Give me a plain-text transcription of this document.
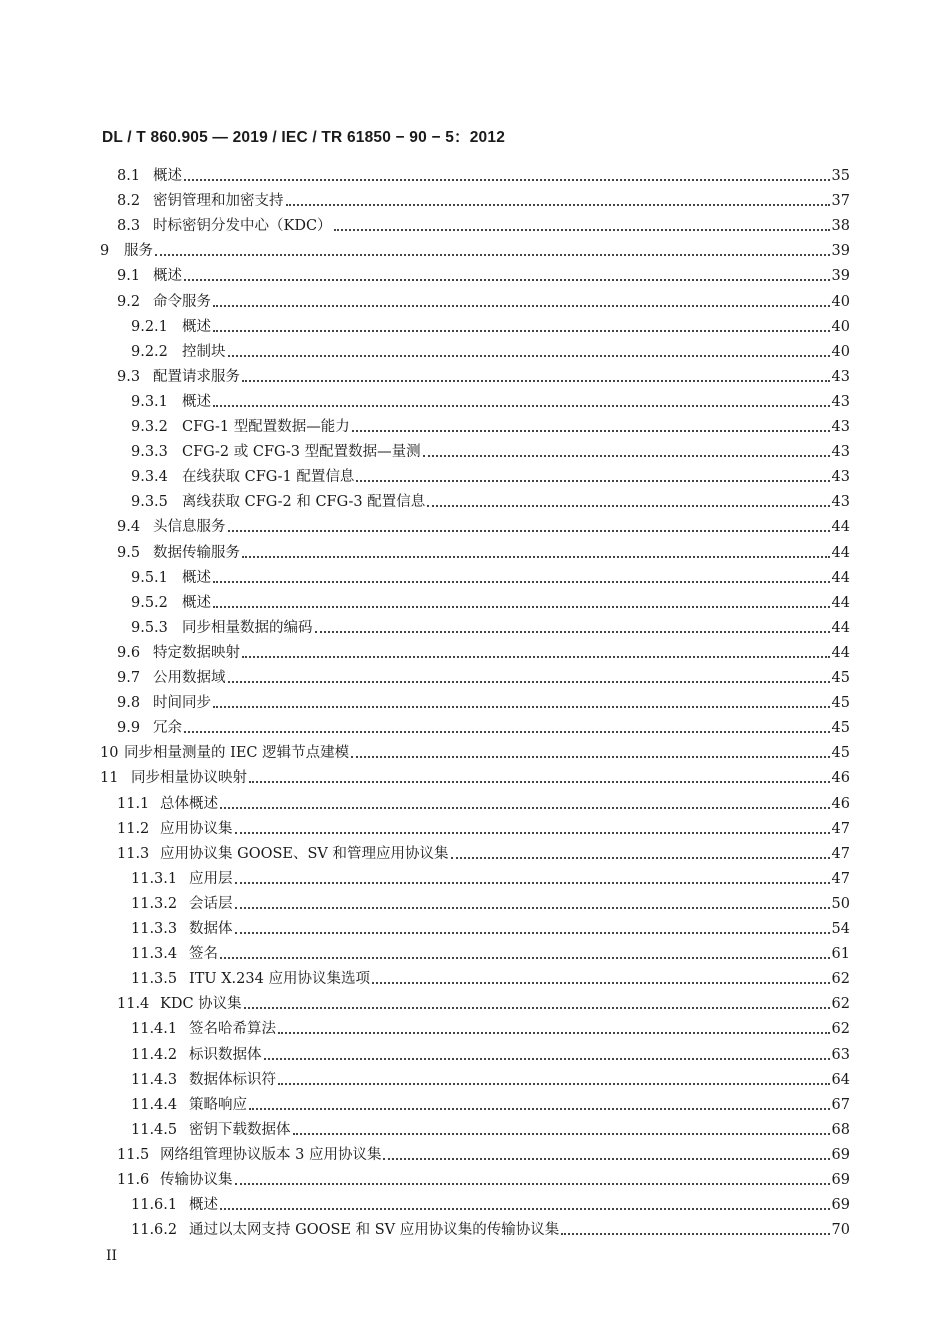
DL / T 860.905 — 2019 / IEC / TR 61850 − 90 − 5：2012
8.1 概述	35
8.2 密钥管理和加密支持	37
8.3 时标密钥分发中心（KDC）	38
9	服务	39
9.1 概述	39
9.2 命令服务	40
9.2.1 概述	40
9.2.2 控制块	40
9.3 配置请求服务	43
9.3.1 概述	43
9.3.2 CFG-1 型配置数据—能力	43
9.3.3 CFG-2 或 CFG-3 型配置数据—量测	43
9.3.4 在线获取 CFG-1 配置信息	43
9.3.5 离线获取 CFG-2 和 CFG-3 配置信息	43
9.4 头信息服务	44
9.5 数据传输服务	44
9.5.1 概述	44
9.5.2 概述	44
9.5.3 同步相量数据的编码	44
9.6 特定数据映射	44
9.7 公用数据域	45
9.8 时间同步	45
9.9 冗余	45
10 同步相量测量的 IEC 逻辑节点建模	45
11 同步相量协议映射	46
11.1 总体概述	46
11.2 应用协议集	47
11.3 应用协议集 GOOSE、SV 和管理应用协议集	47
11.3.1 应用层	47
11.3.2 会话层	50
11.3.3 数据体	54
11.3.4 签名	61
11.3.5 ITU X.234 应用协议集选项	62
11.4 KDC 协议集	62
11.4.1 签名哈希算法	62
11.4.2 标识数据体	63
11.4.3 数据体标识符	64
11.4.4 策略响应	67
11.4.5 密钥下载数据体	68
11.5 网络组管理协议版本 3 应用协议集	69
11.6 传输协议集	69
11.6.1 概述	69
11.6.2 通过以太网支持 GOOSE 和 SV 应用协议集的传输协议集	70
II
